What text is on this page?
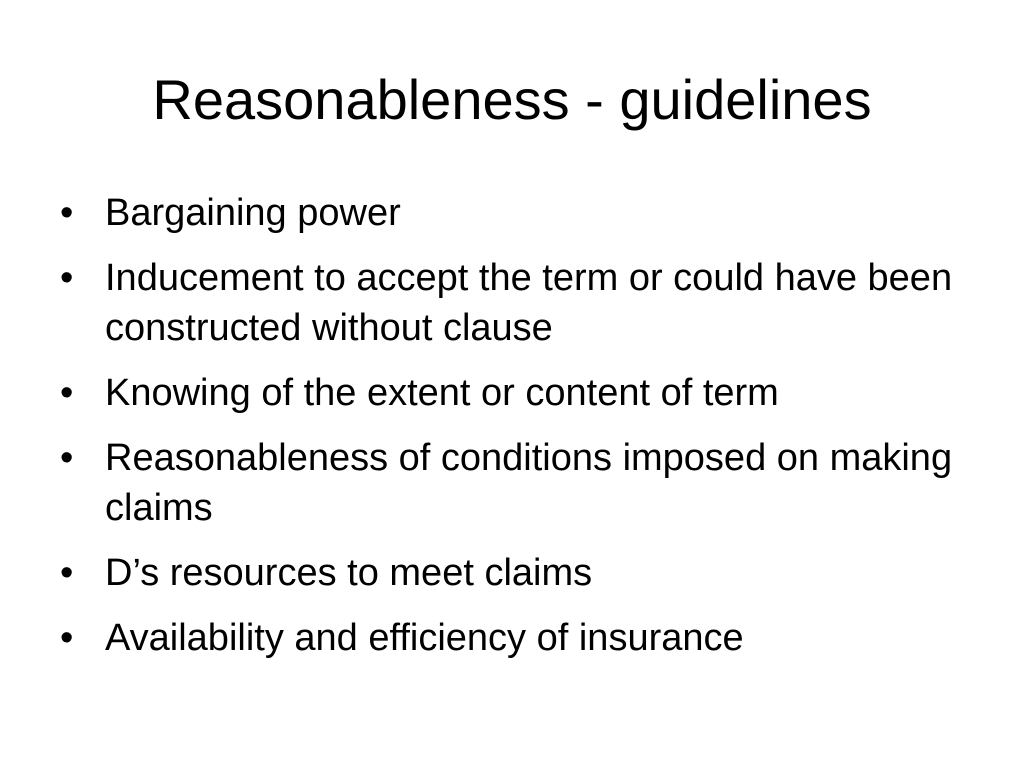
Reasonableness - guidelines
• Bargaining power
• Inducement to accept the term or could have been constructed without clause
• Knowing of the extent or content of term
• Reasonableness of conditions imposed on making claims
• D’s resources to meet claims
• Availability and efficiency of insurance
